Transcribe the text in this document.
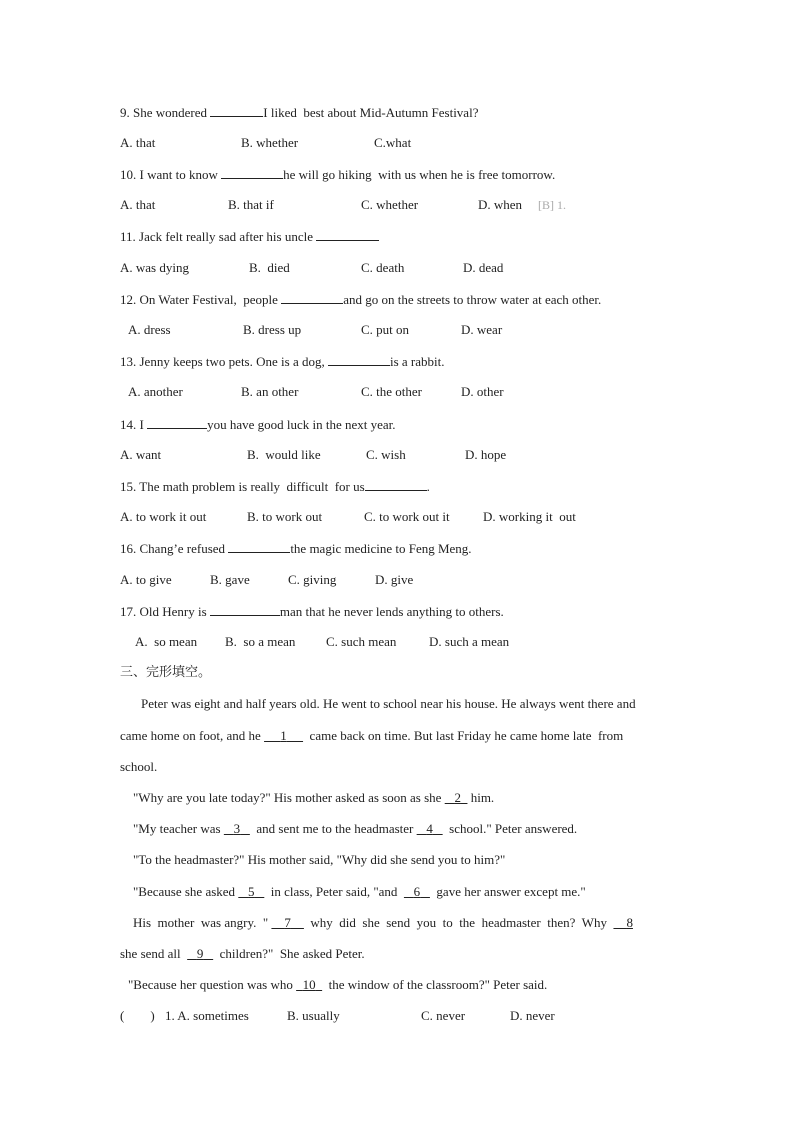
9. She wondered	I liked  best about Mid-Autumn Festival?
A. that	B. whether	C.what
10. I want to know	he will go hiking  with us when he is free tomorrow.
A. that	B. that if	C. whether	D. when [B] 1.
11. Jack felt really sad after his uncle
A. was dying	B.  died	C. death	D. dead
12. On Water Festival,  people	and go on the streets to throw water at each other.
A. dress	B. dress up	C. put on	D. wear
13. Jenny keeps two pets. One is a dog,	is a rabbit.
A. another	B. an other	C. the other	D. other
14. I	you have good luck in the next year.
A. want	B.  would like	C. wish	D. hope
15. The math problem is really  difficult  for us	.
A. to work it out	B. to work out	C. to work out it	D. working it  out
16. Chang’e refused	the magic medicine to Feng Meng.
A. to give	B. gave	C. giving	D. give
17. Old Henry is	man that he never lends anything to others.
A.  so mean B.  so a mean C. such mean	D. such a mean
三、完形填空。
Peter was eight and half years old. He went to school near his house. He always went there and
came home on foot, and he      1       came back on time. But last Friday he came home late  from
school.
"Why are you late today?" His mother asked as soon as she    2   him.
"My teacher was    3     and sent me to the headmaster    4     school." Peter answered.
"To the headmaster?" His mother said, "Why did she send you to him?"
"Because she asked    5     in class, Peter said, "and     6     gave her answer except me."
His  mother  was angry.  "     7      why  did  she  send  you  to  the  headmaster  then?  Why      8
she send all     9     children?"  She asked Peter.
"Because her question was who   10    the window of the classroom?" Peter said.
(        ) 1. A. sometimes	B. usually	C. never	D. never
